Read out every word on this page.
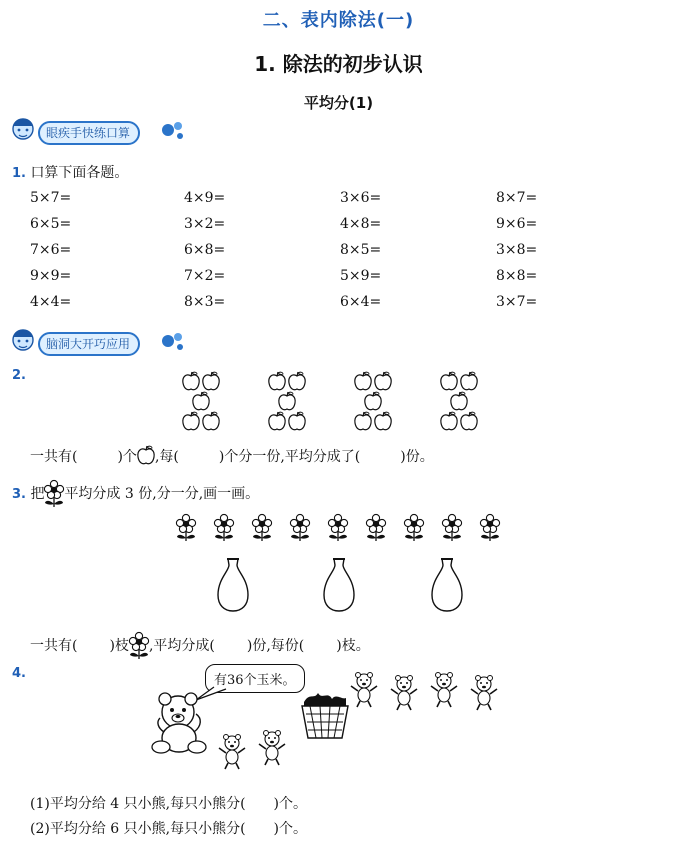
二、表内除法(一)
1. 除法的初步认识
平均分(1)
眼疾手快练口算
1. 口算下面各题。
5×7=	4×9=	3×6=	8×7=
6×5=	3×2=	4×8=	9×6=
7×6=	6×8=	8×5=	3×8=
9×9=	7×2=	5×9=	8×8=
4×4=	8×3=	6×4=	3×7=
脑洞大开巧应用
2.
一共有(	)个 ,每(	)个分一份,平均分成了(	)份。
3. 把 平均分成 3 份,分一分,画一画。
一共有( )枝 ,平均分成( )份,每份( )枝。
4.	有36个玉米。
(1)平均分给 4 只小熊,每只小熊分(　　)个。
(2)平均分给 6 只小熊,每只小熊分(　　)个。
